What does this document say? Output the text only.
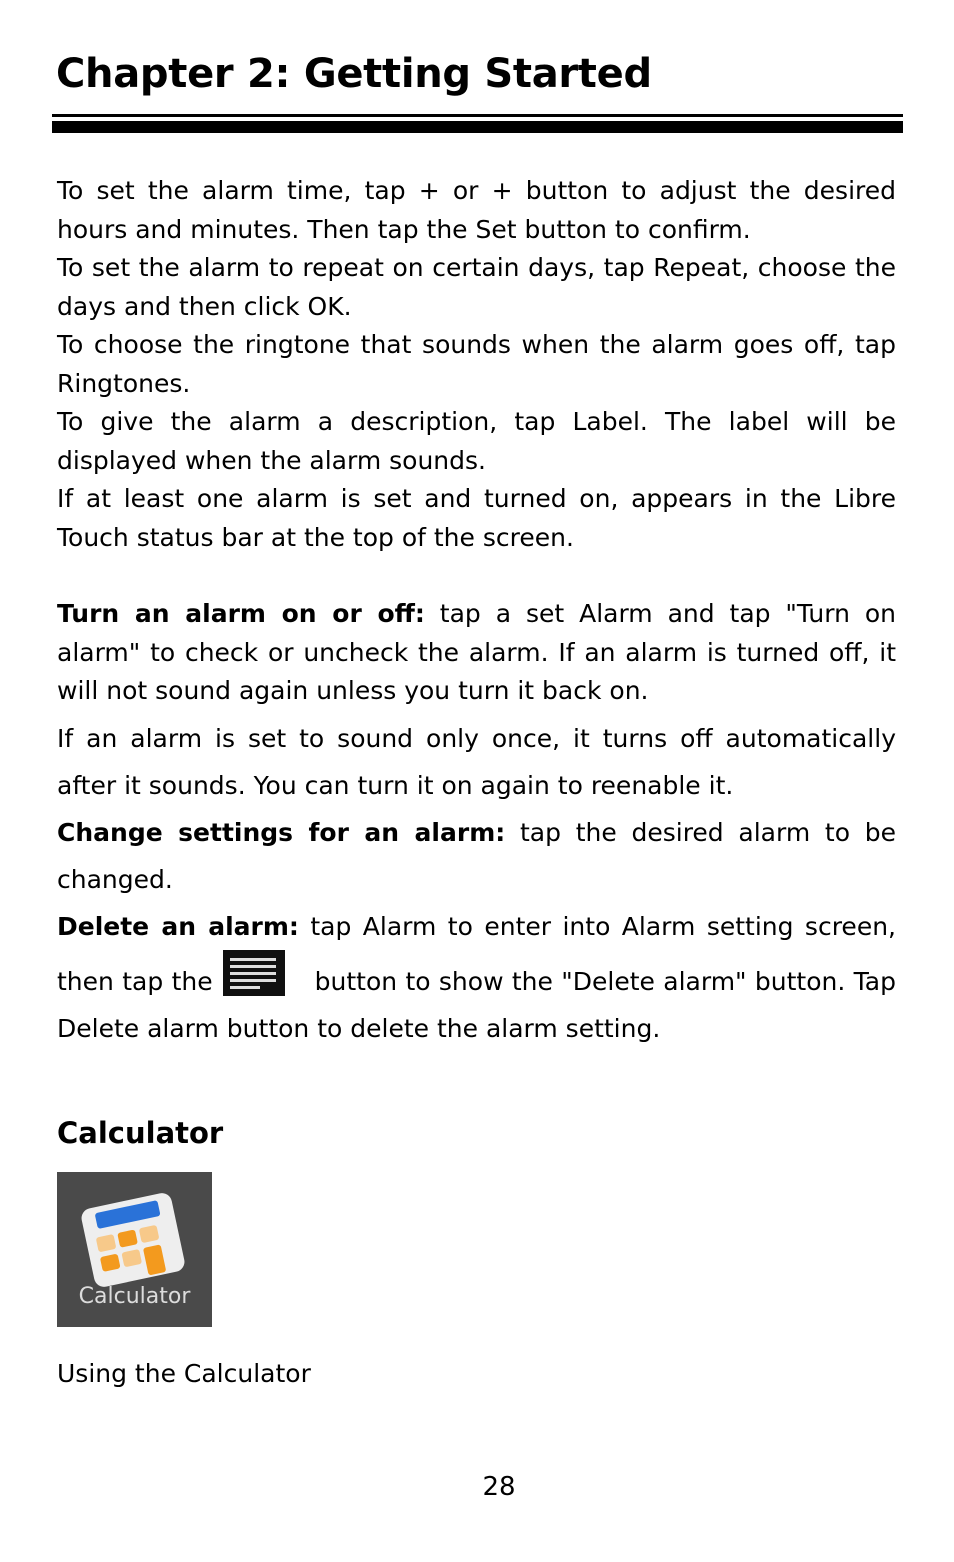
Chapter 2: Getting Started

To set the alarm time, tap + or + button to adjust the desired hours and minutes. Then tap the Set button to confirm.

To set the alarm to repeat on certain days, tap Repeat, choose the days and then click OK.

To choose the ringtone that sounds when the alarm goes off, tap Ringtones.

To give the alarm a description, tap Label. The label will be displayed when the alarm sounds.

If at least one alarm is set and turned on, appears in the Libre Touch status bar at the top of the screen.

Turn an alarm on or off: tap a set Alarm and tap "Turn on alarm" to check or uncheck the alarm. If an alarm is turned off, it will not sound again unless you turn it back on.

If an alarm is set to sound only once, it turns off automatically after it sounds. You can turn it on again to reenable it.

Change settings for an alarm: tap the desired alarm to be changed.

Delete an alarm: tap Alarm to enter into Alarm setting screen, then tap the	button to show the "Delete alarm" button. Tap Delete alarm button to delete the alarm setting.

Calculator
Calculator

Using the Calculator

28
